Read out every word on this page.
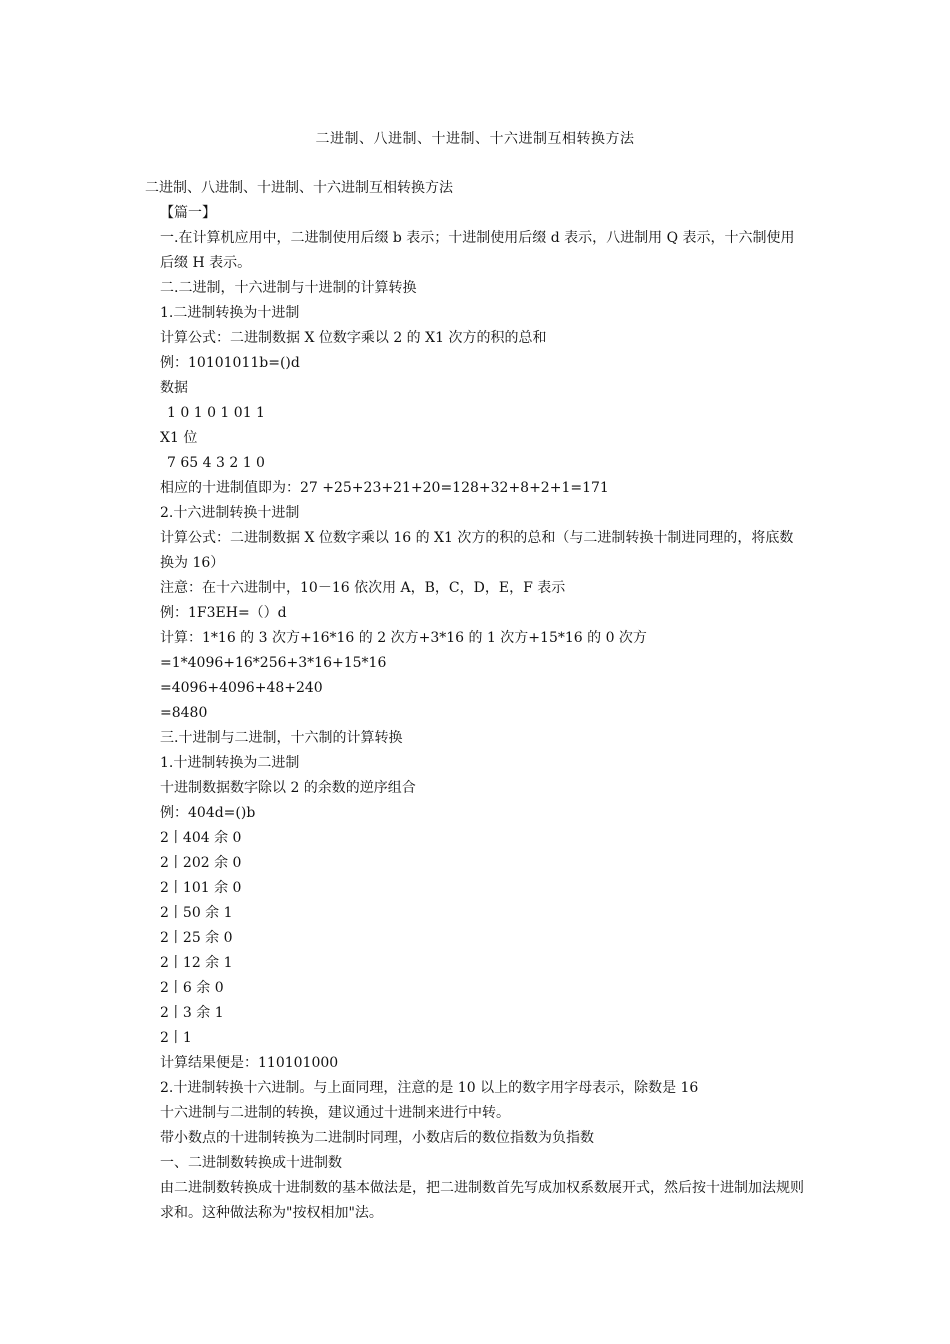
二进制、八进制、十进制、十六进制互相转换方法

二进制、八进制、十进制、十六进制互相转换方法

【篇一】

一.在计算机应用中，二进制使用后缀 b 表示；十进制使用后缀 d 表示，八进制用 Q 表示，十六制使用后缀 H 表示。

二.二进制，十六进制与十进制的计算转换

1.二进制转换为十进制

计算公式：二进制数据 X 位数字乘以 2 的 X1 次方的积的总和

例：10101011b=()d

数据

1 0 1 0 1 01 1

X1 位

7 65 4 3 2 1 0

相应的十进制值即为：27 +25+23+21+20=128+32+8+2+1=171

2.十六进制转换十进制

计算公式：二进制数据 X 位数字乘以 16 的 X1 次方的积的总和（与二进制转换十制进同理的，将底数换为 16）

注意：在十六进制中，10－16 依次用 A，B，C，D，E，F 表示

例：1F3EH=（）d

计算：1*16 的 3 次方+16*16 的 2 次方+3*16 的 1 次方+15*16 的 0 次方

=1*4096+16*256+3*16+15*16

=4096+4096+48+240

=8480

三.十进制与二进制，十六制的计算转换

1.十进制转换为二进制

十进制数据数字除以 2 的余数的逆序组合

例：404d=()b

2丨404 余 0

2丨202 余 0

2丨101 余 0

2丨50 余 1

2丨25 余 0

2丨12 余 1

2丨6 余 0

2丨3 余 1

2丨1

计算结果便是：110101000

2.十进制转换十六进制。与上面同理，注意的是 10 以上的数字用字母表示，除数是 16

十六进制与二进制的转换，建议通过十进制来进行中转。

带小数点的十进制转换为二进制时同理，小数店后的数位指数为负指数

一、二进制数转换成十进制数

由二进制数转换成十进制数的基本做法是，把二进制数首先写成加权系数展开式，然后按十进制加法规则求和。这种做法称为"按权相加"法。
